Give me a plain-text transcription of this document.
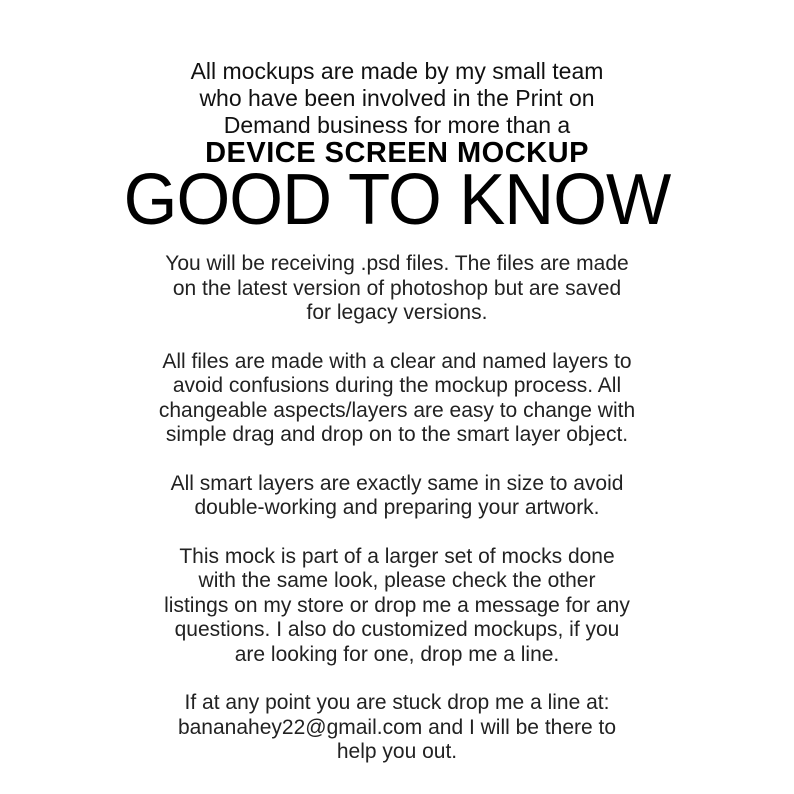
All mockups are made by my small team
who have been involved in the Print on
Demand business for more than a
DEVICE SCREEN MOCKUP
GOOD TO KNOW

You will be receiving .psd files. The files are made
on the latest version of photoshop but are saved
for legacy versions.

All files are made with a clear and named layers to
avoid confusions during the mockup process. All
changeable aspects/layers are easy to change with
simple drag and drop on to the smart layer object.

All smart layers are exactly same in size to avoid
double-working and preparing your artwork.

This mock is part of a larger set of mocks done
with the same look, please check the other
listings on my store or drop me a message for any
questions. I also do customized mockups, if you
are looking for one, drop me a line.

If at any point you are stuck drop me a line at:
bananahey22@gmail.com and I will be there to
help you out.
